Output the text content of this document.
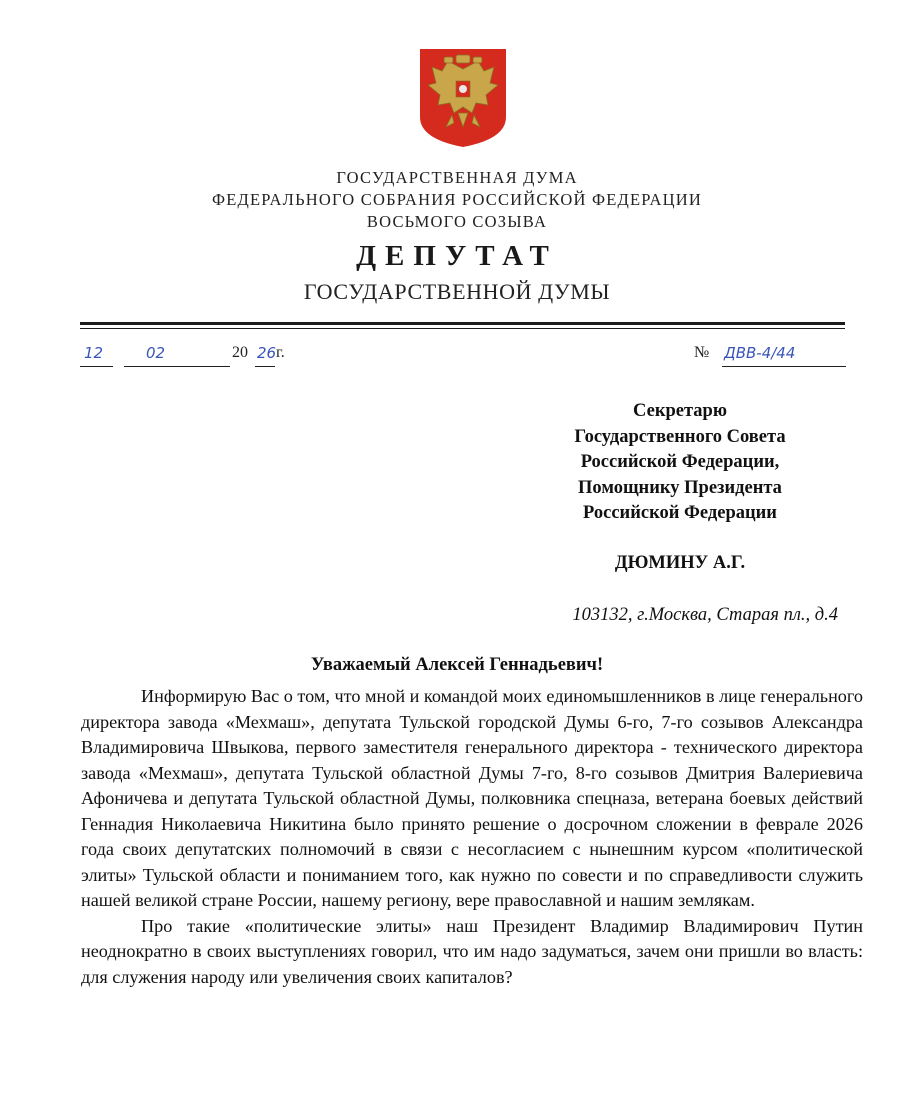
ГОСУДАРСТВЕННАЯ ДУМА
ФЕДЕРАЛЬНОГО СОБРАНИЯ РОССИЙСКОЙ ФЕДЕРАЦИИ
ВОСЬМОГО СОЗЫВА
ДЕПУТАТ
ГОСУДАРСТВЕННОЙ ДУМЫ
12	02	20 26 г.	№ ДВВ-4/44
Секретарю
Государственного Совета
Российской Федерации,
Помощнику Президента
Российской Федерации
ДЮМИНУ А.Г.
103132, г.Москва, Старая пл., д.4
Уважаемый Алексей Геннадьевич!

Информирую Вас о том, что мной и командой моих единомышленников в лице генерального директора завода «Мехмаш», депутата Тульской городской Думы 6-го, 7-го созывов Александра Владимировича Швыкова, первого заместителя генерального директора - технического директора завода «Мехмаш», депутата Тульской областной Думы 7-го, 8-го созывов Дмитрия Валериевича Афоничева и депутата Тульской областной Думы, полковника спецназа, ветерана боевых действий Геннадия Николаевича Никитина было принято решение о досрочном сложении в феврале 2026 года своих депутатских полномочий в связи с несогласием с нынешним курсом «политической элиты» Тульской области и пониманием того, как нужно по совести и по справедливости служить нашей великой стране России, нашему региону, вере православной и нашим землякам.

Про такие «политические элиты» наш Президент Владимир Владимирович Путин неоднократно в своих выступлениях говорил, что им надо задуматься, зачем они пришли во власть: для служения народу или увеличения своих капиталов?
